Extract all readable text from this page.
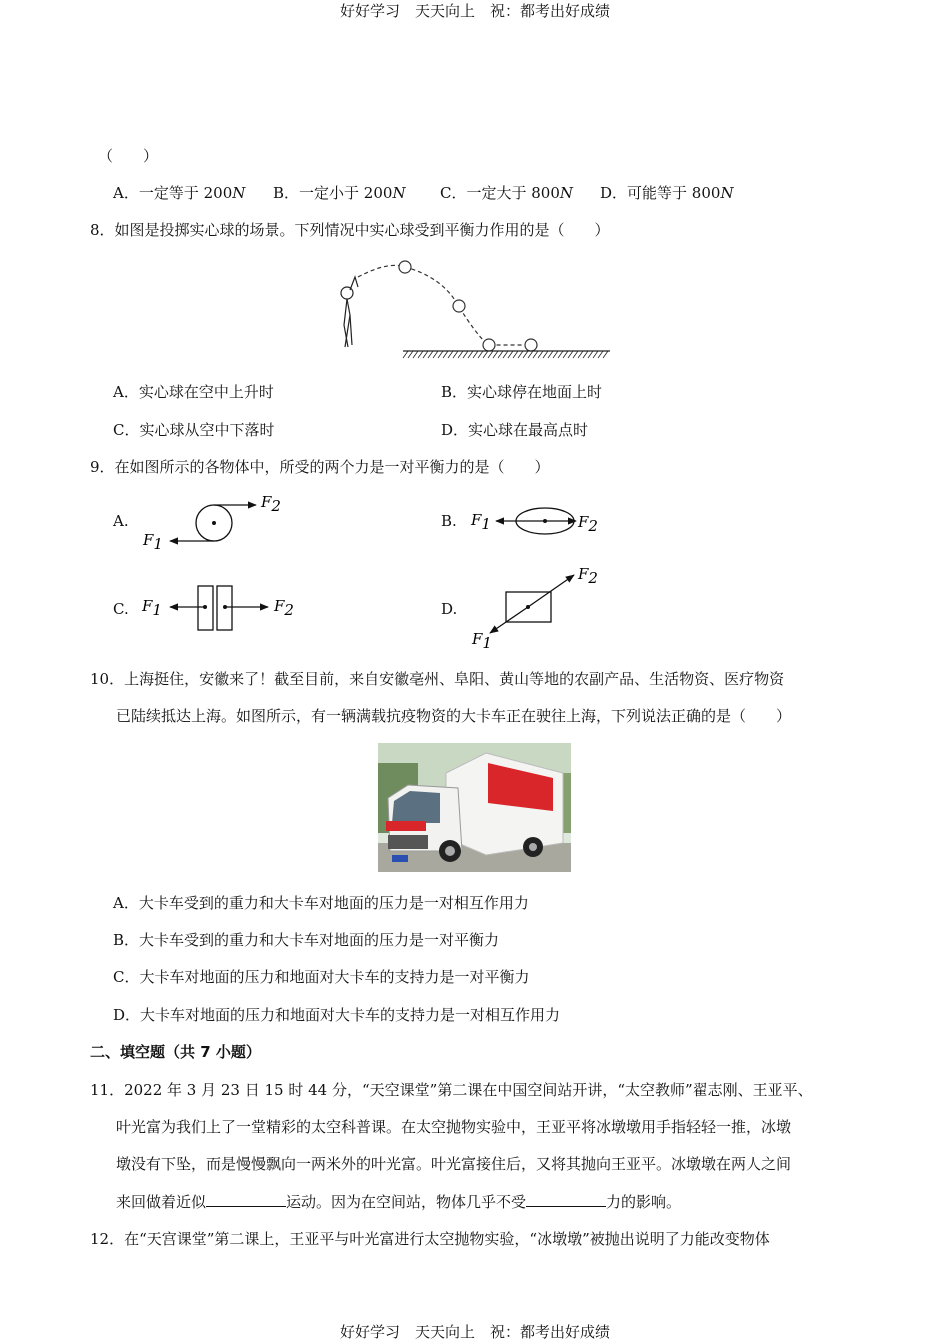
好好学习　天天向上　祝：都考出好成绩
好好学习　天天向上　祝：都考出好成绩
（　　）
A．一定等于 200N B．一定小于 200N C．一定大于 800N D．可能等于 800N
8．如图是投掷实心球的场景。下列情况中实心球受到平衡力作用的是（　　）
A．实心球在空中上升时	B．实心球停在地面上时
C．实心球从空中下落时	D．实心球在最高点时
9．在如图所示的各物体中，所受的两个力是一对平衡力的是（　　）
A.
F2
F1
B. F1	F2
C. F1	F2	D.
F2
F1
10．上海挺住，安徽来了！截至目前，来自安徽亳州、阜阳、黄山等地的农副产品、生活物资、医疗物资
已陆续抵达上海。如图所示，有一辆满载抗疫物资的大卡车正在驶往上海，下列说法正确的是（　　）
A．大卡车受到的重力和大卡车对地面的压力是一对相互作用力
B．大卡车受到的重力和大卡车对地面的压力是一对平衡力
C．大卡车对地面的压力和地面对大卡车的支持力是一对平衡力
D．大卡车对地面的压力和地面对大卡车的支持力是一对相互作用力
二、填空题（共 7 小题）
11．2022 年 3 月 23 日 15 时 44 分，“天空课堂”第二课在中国空间站开讲，“太空教师”翟志刚、王亚平、
叶光富为我们上了一堂精彩的太空科普课。在太空抛物实验中，王亚平将冰墩墩用手指轻轻一推，冰墩
墩没有下坠，而是慢慢飘向一两米外的叶光富。叶光富接住后，又将其抛向王亚平。冰墩墩在两人之间
来回做着近似	运动。因为在空间站，物体几乎不受	力的影响。
12．在“天宫课堂”第二课上，王亚平与叶光富进行太空抛物实验，“冰墩墩”被抛出说明了力能改变物体
